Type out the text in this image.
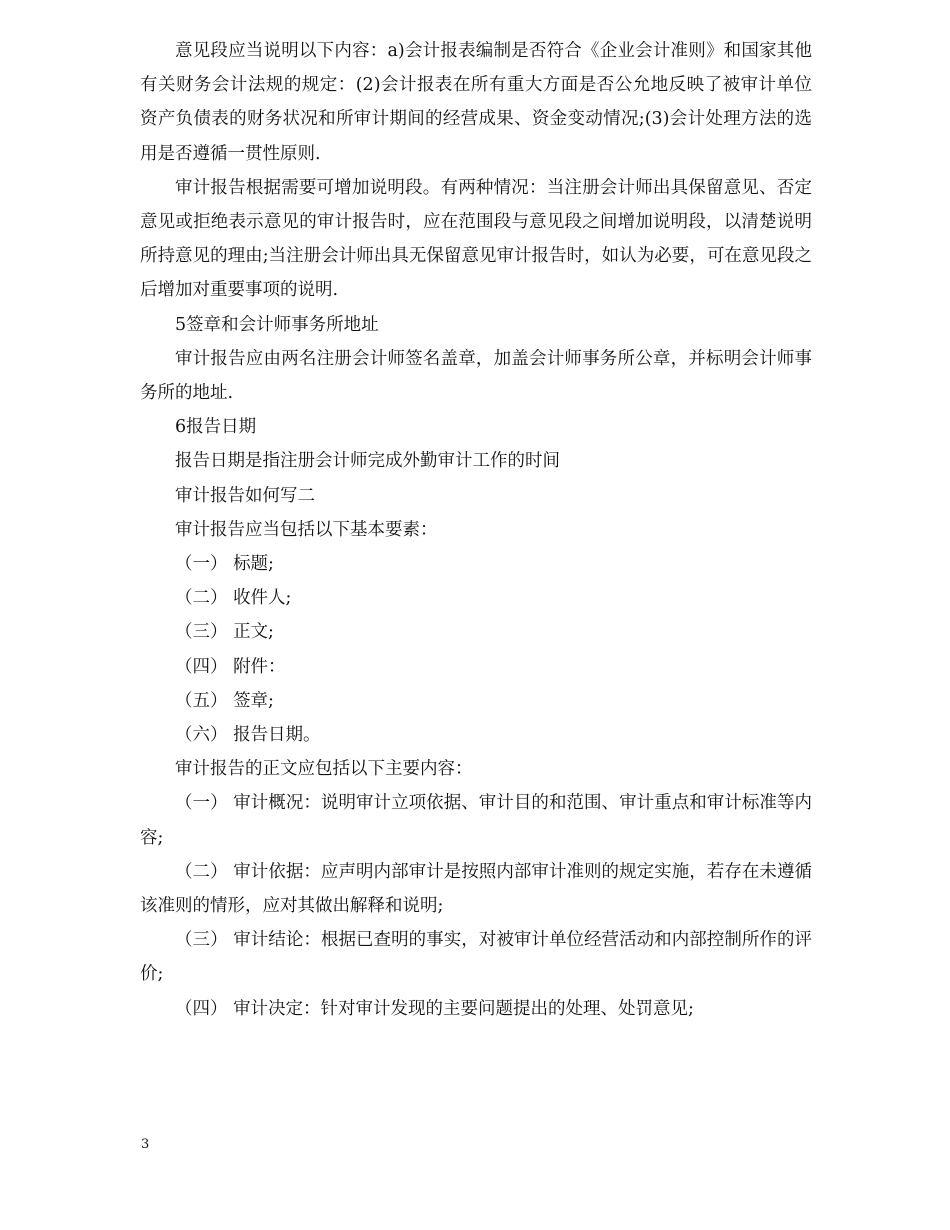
意见段应当说明以下内容：a)会计报表编制是否符合《企业会计准则》和国家其他有关财务会计法规的规定：(2)会计报表在所有重大方面是否公允地反映了被审计单位资产负债表的财务状况和所审计期间的经营成果、资金变动情况;(3)会计处理方法的选用是否遵循一贯性原则.

审计报告根据需要可增加说明段。有两种情况：当注册会计师出具保留意见、否定意见或拒绝表示意见的审计报告时，应在范围段与意见段之间增加说明段，以清楚说明所持意见的理由;当注册会计师出具无保留意见审计报告时，如认为必要，可在意见段之后增加对重要事项的说明.

5签章和会计师事务所地址

审计报告应由两名注册会计师签名盖章，加盖会计师事务所公章，并标明会计师事务所的地址.

6报告日期

报告日期是指注册会计师完成外勤审计工作的时间

审计报告如何写二

审计报告应当包括以下基本要素：

（一） 标题;

（二） 收件人;

（三） 正文;

（四） 附件：

（五） 签章;

（六） 报告日期。

审计报告的正文应包括以下主要内容：

（一） 审计概况：说明审计立项依据、审计目的和范围、审计重点和审计标准等内容;

（二） 审计依据：应声明内部审计是按照内部审计准则的规定实施，若存在未遵循该准则的情形，应对其做出解释和说明;

（三） 审计结论：根据已查明的事实，对被审计单位经营活动和内部控制所作的评价;

（四） 审计决定：针对审计发现的主要问题提出的处理、处罚意见;

3
